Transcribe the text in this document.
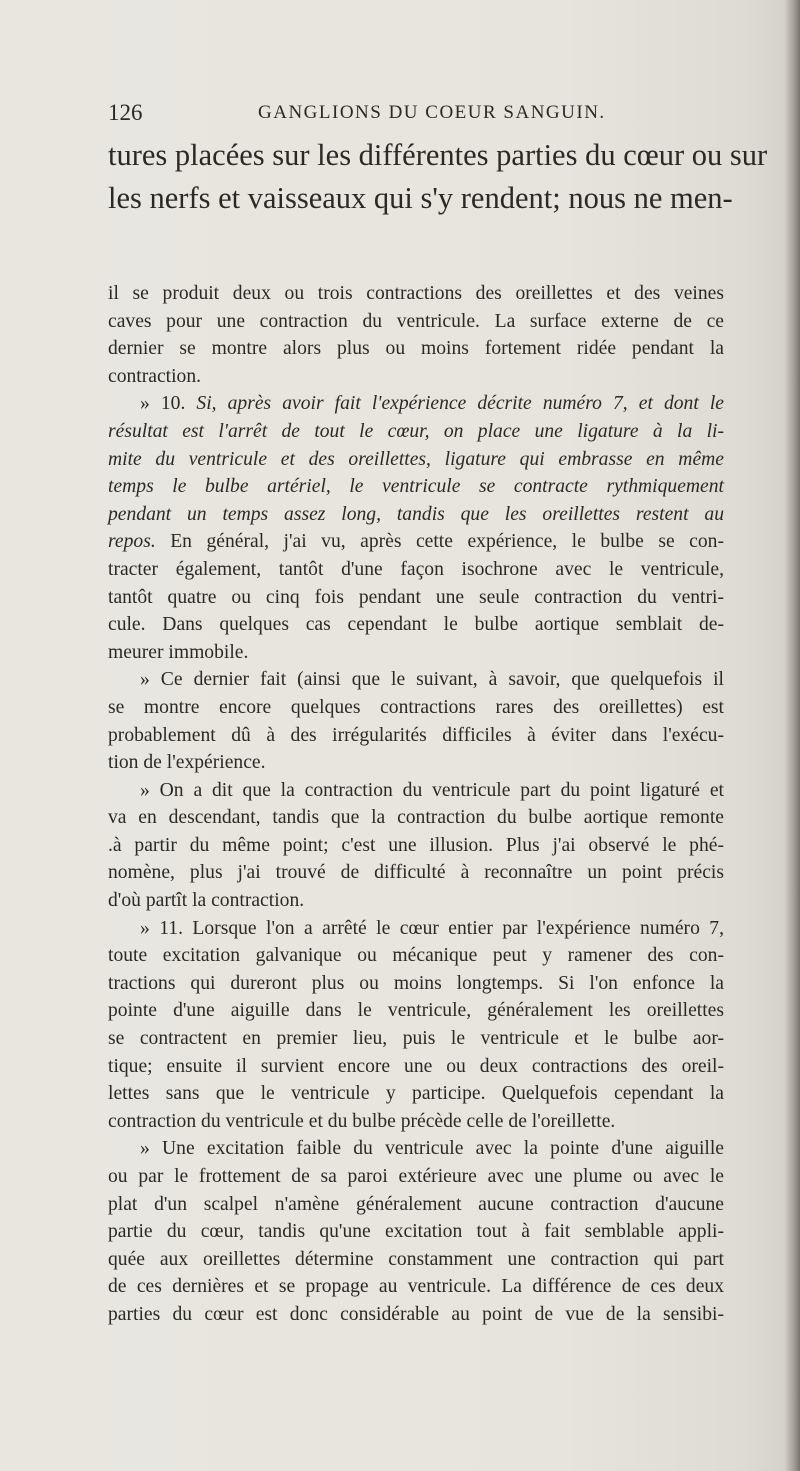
126	GANGLIONS DU COEUR SANGUIN.
tures placées sur les différentes parties du cœur ou sur
les nerfs et vaisseaux qui s'y rendent; nous ne men-

il se produit deux ou trois contractions des oreillettes et des veines
caves pour une contraction du ventricule. La surface externe de ce
dernier se montre alors plus ou moins fortement ridée pendant la
contraction.

» 10. Si, après avoir fait l'expérience décrite numéro 7, et dont le
résultat est l'arrêt de tout le cœur, on place une ligature à la li-
mite du ventricule et des oreillettes, ligature qui embrasse en même
temps le bulbe artériel, le ventricule se contracte rythmiquement
pendant un temps assez long, tandis que les oreillettes restent au
repos. En général, j'ai vu, après cette expérience, le bulbe se con-
tracter également, tantôt d'une façon isochrone avec le ventricule,
tantôt quatre ou cinq fois pendant une seule contraction du ventri-
cule. Dans quelques cas cependant le bulbe aortique semblait de-
meurer immobile.

» Ce dernier fait (ainsi que le suivant, à savoir, que quelquefois il
se montre encore quelques contractions rares des oreillettes) est
probablement dû à des irrégularités difficiles à éviter dans l'exécu-
tion de l'expérience.

» On a dit que la contraction du ventricule part du point ligaturé et
va en descendant, tandis que la contraction du bulbe aortique remonte
.à partir du même point; c'est une illusion. Plus j'ai observé le phé-
nomène, plus j'ai trouvé de difficulté à reconnaître un point précis
d'où partît la contraction.

» 11. Lorsque l'on a arrêté le cœur entier par l'expérience numéro 7,
toute excitation galvanique ou mécanique peut y ramener des con-
tractions qui dureront plus ou moins longtemps. Si l'on enfonce la
pointe d'une aiguille dans le ventricule, généralement les oreillettes
se contractent en premier lieu, puis le ventricule et le bulbe aor-
tique; ensuite il survient encore une ou deux contractions des oreil-
lettes sans que le ventricule y participe. Quelquefois cependant la
contraction du ventricule et du bulbe précède celle de l'oreillette.

» Une excitation faible du ventricule avec la pointe d'une aiguille
ou par le frottement de sa paroi extérieure avec une plume ou avec le
plat d'un scalpel n'amène généralement aucune contraction d'aucune
partie du cœur, tandis qu'une excitation tout à fait semblable appli-
quée aux oreillettes détermine constamment une contraction qui part
de ces dernières et se propage au ventricule. La différence de ces deux
parties du cœur est donc considérable au point de vue de la sensibi-
